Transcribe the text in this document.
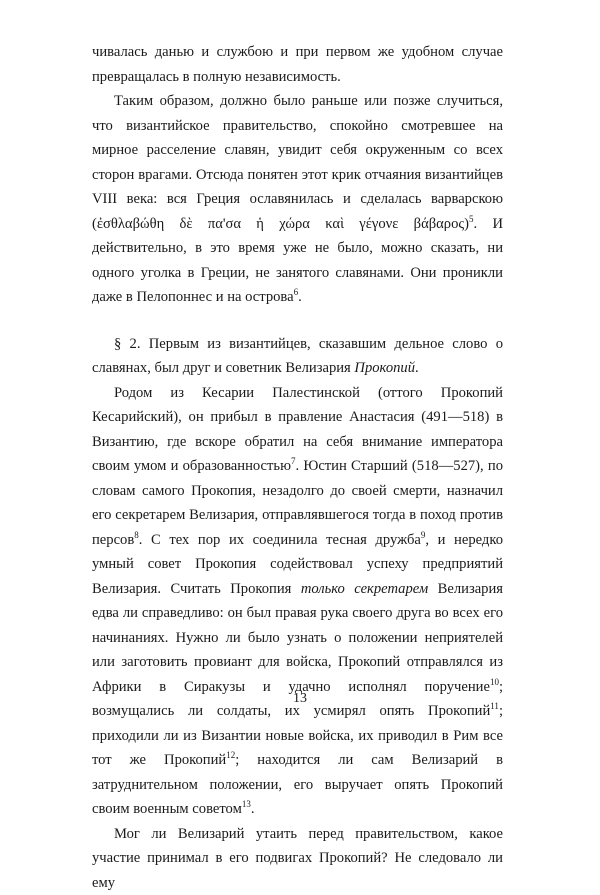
чивалась данью и службою и при первом же удобном случае превращалась в полную независимость.

Таким образом, должно было раньше или позже случиться, что византийское правительство, спокойно смотревшее на мирное расселение славян, увидит себя окруженным со всех сторон врагами. Отсюда понятен этот крик отчаяния византийцев VIII века: вся Греция ославянилась и сделалась варварскою (ἐσθλαβώθη δὲ πα'σα ἡ χώρα καὶ γέγονε βάβαρος)$^5$. И действительно, в это время уже не было, можно сказать, ни одного уголка в Греции, не занятого славянами. Они проникли даже в Пелопоннес и на острова$^6$.

§ 2. Первым из византийцев, сказавшим дельное слово о славянах, был друг и советник Велизария Прокопий.

Родом из Кесарии Палестинской (оттого Прокопий Кесарийский), он прибыл в правление Анастасия (491—518) в Византию, где вскоре обратил на себя внимание императора своим умом и образованностью$^7$. Юстин Старший (518—527), по словам самого Прокопия, незадолго до своей смерти, назначил его секретарем Велизария, отправлявшегося тогда в поход против персов$^8$. С тех пор их соединила тесная дружба$^9$, и нередко умный совет Прокопия содействовал успеху предприятий Велизария. Считать Прокопия только секретарем Велизария едва ли справедливо: он был правая рука своего друга во всех его начинаниях. Нужно ли было узнать о положении неприятелей или заготовить провиант для войска, Прокопий отправлялся из Африки в Сиракузы и удачно исполнял поручение$^{10}$; возмущались ли солдаты, их усмирял опять Прокопий$^{11}$; приходили ли из Византии новые войска, их приводил в Рим все тот же Прокопий$^{12}$; находится ли сам Велизарий в затруднительном положении, его выручает опять Прокопий своим военным советом$^{13}$.

Мог ли Велизарий утаить перед правительством, какое участие принимал в его подвигах Прокопий? Не следовало ли ему

13
